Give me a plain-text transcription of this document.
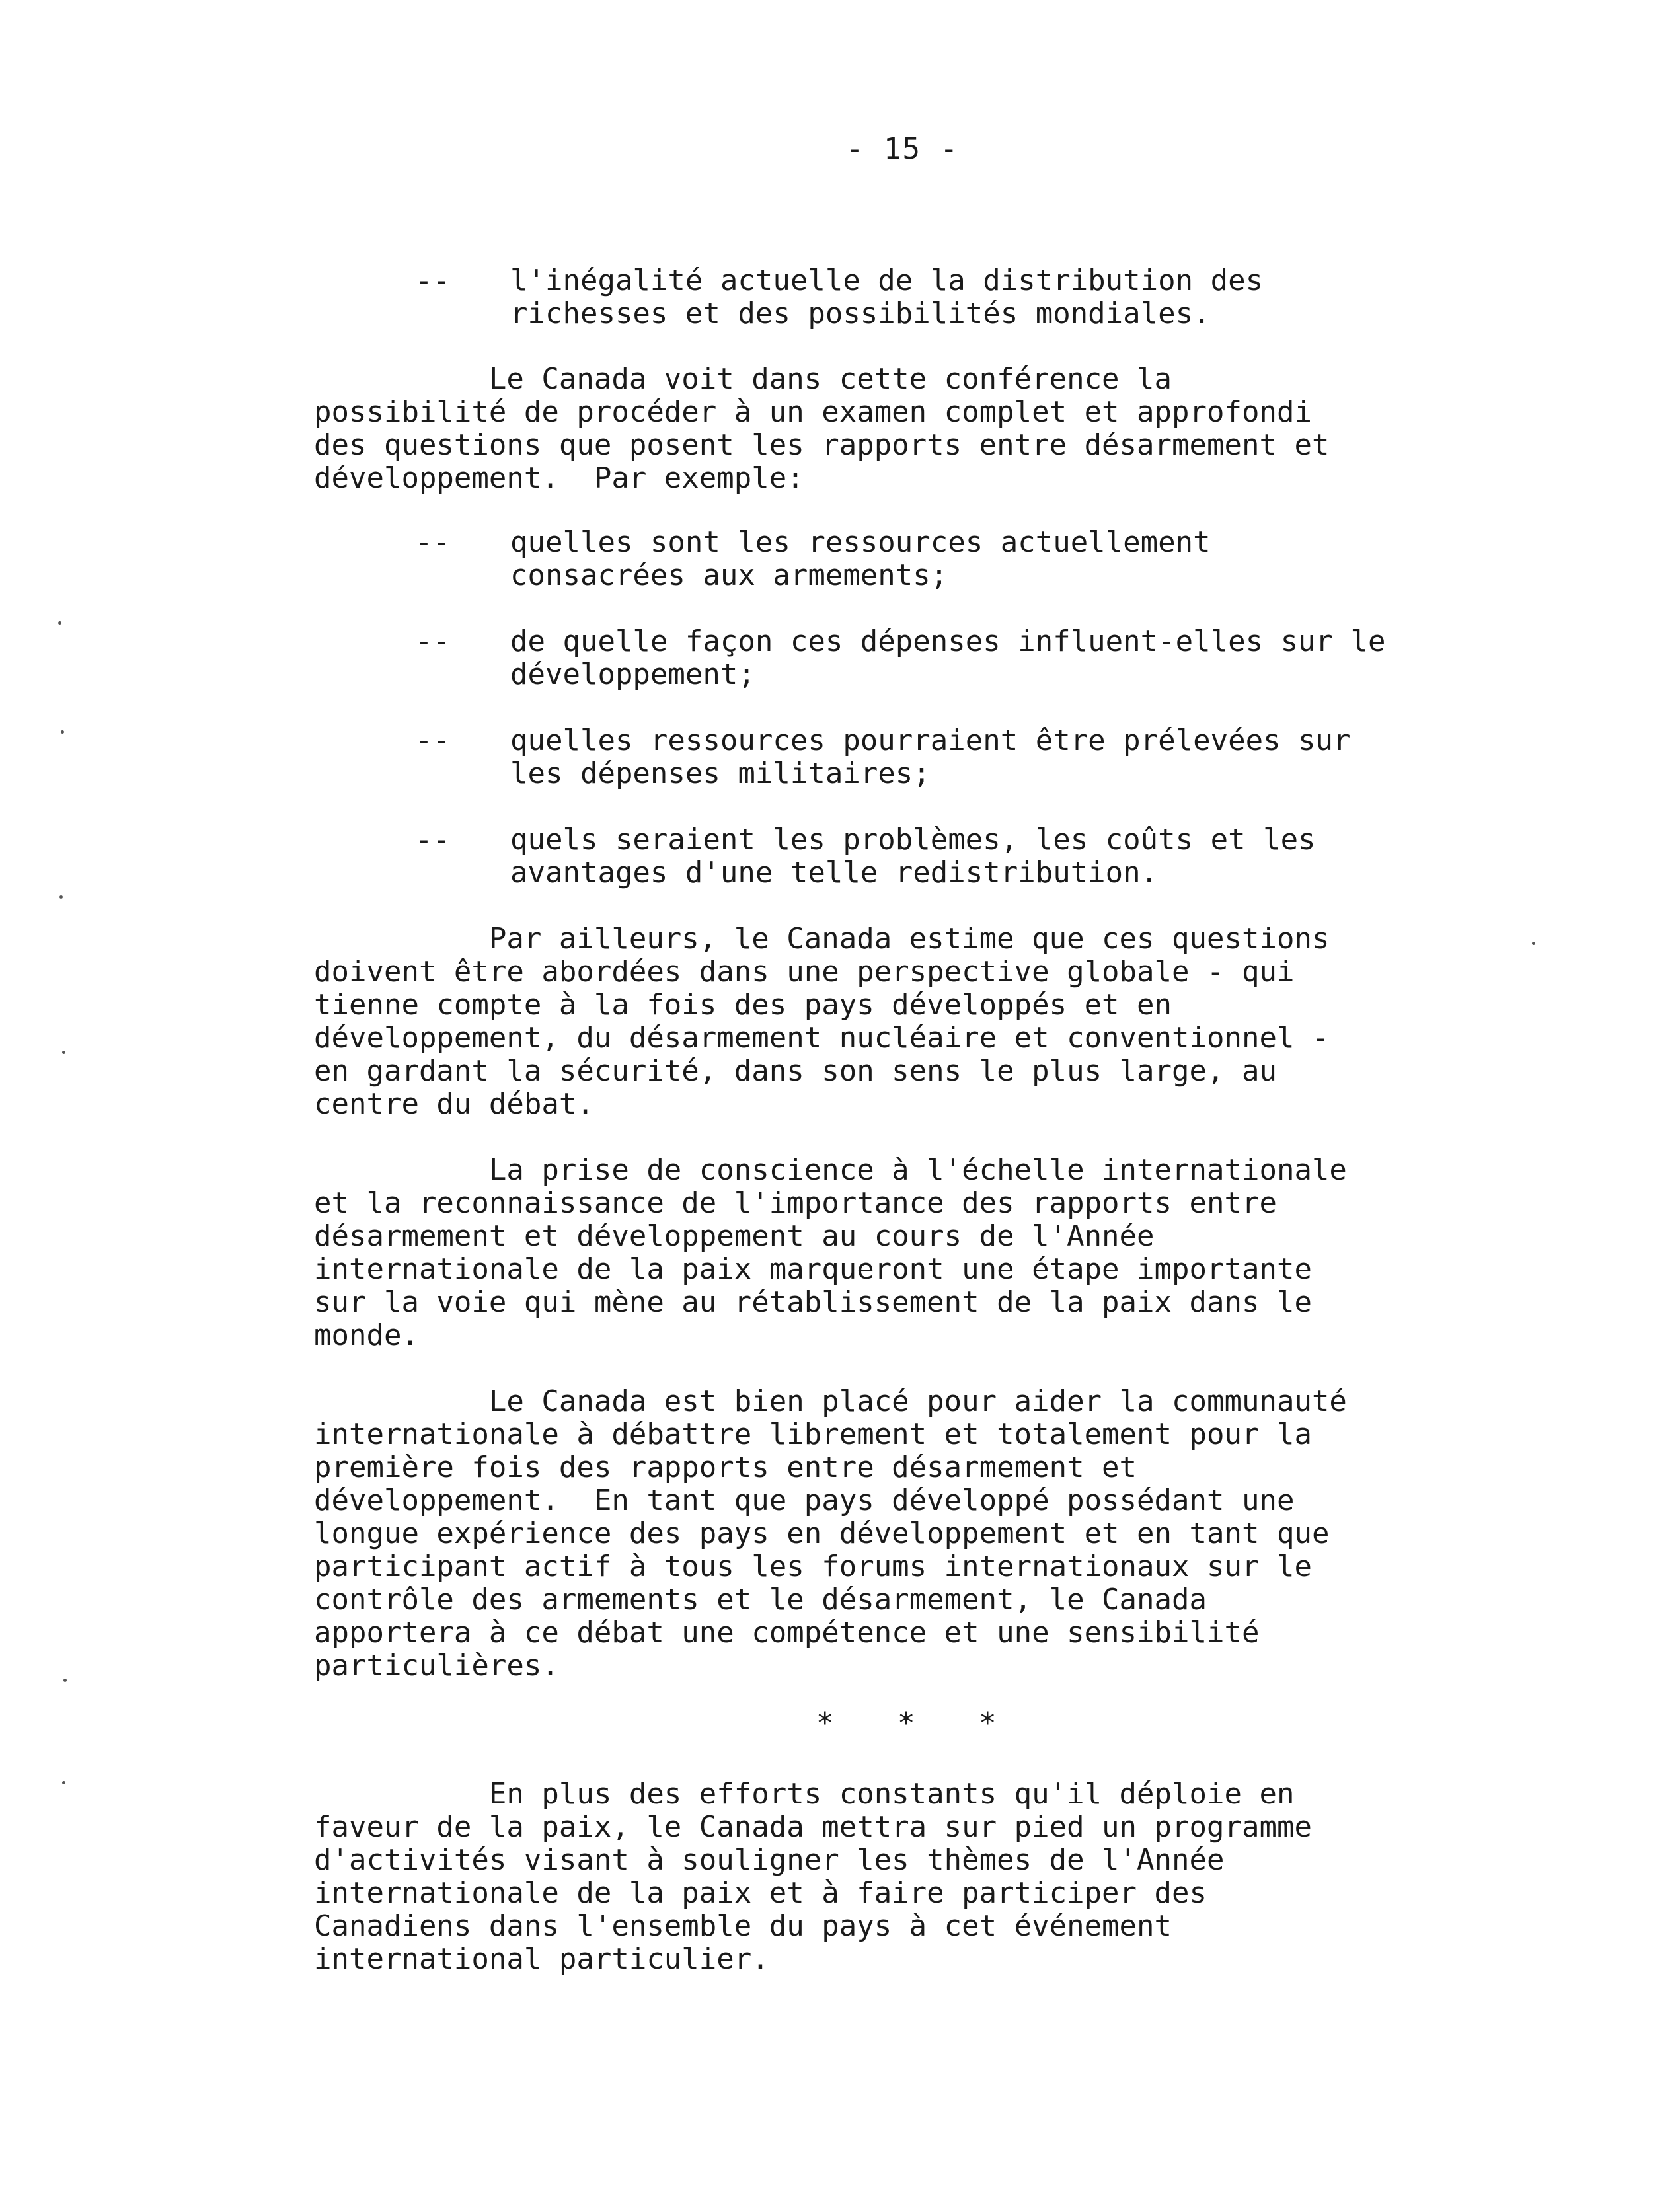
- 15 -
-- l'inégalité actuelle de la distribution des
richesses et des possibilités mondiales.
Le Canada voit dans cette conférence la
possibilité de procéder à un examen complet et approfondi
des questions que posent les rapports entre désarmement et
développement.  Par exemple:
-- quelles sont les ressources actuellement
consacrées aux armements;
-- de quelle façon ces dépenses influent-elles sur le
développement;
-- quelles ressources pourraient être prélevées sur
les dépenses militaires;
-- quels seraient les problèmes, les coûts et les
avantages d'une telle redistribution.
Par ailleurs, le Canada estime que ces questions
doivent être abordées dans une perspective globale - qui
tienne compte à la fois des pays développés et en
développement, du désarmement nucléaire et conventionnel -
en gardant la sécurité, dans son sens le plus large, au
centre du débat.
La prise de conscience à l'échelle internationale
et la reconnaissance de l'importance des rapports entre
désarmement et développement au cours de l'Année
internationale de la paix marqueront une étape importante
sur la voie qui mène au rétablissement de la paix dans le
monde.
Le Canada est bien placé pour aider la communauté
internationale à débattre librement et totalement pour la
première fois des rapports entre désarmement et
développement.  En tant que pays développé possédant une
longue expérience des pays en développement et en tant que
participant actif à tous les forums internationaux sur le
contrôle des armements et le désarmement, le Canada
apportera à ce débat une compétence et une sensibilité
particulières.
* * *
En plus des efforts constants qu'il déploie en
faveur de la paix, le Canada mettra sur pied un programme
d'activités visant à souligner les thèmes de l'Année
internationale de la paix et à faire participer des
Canadiens dans l'ensemble du pays à cet événement
international particulier.
